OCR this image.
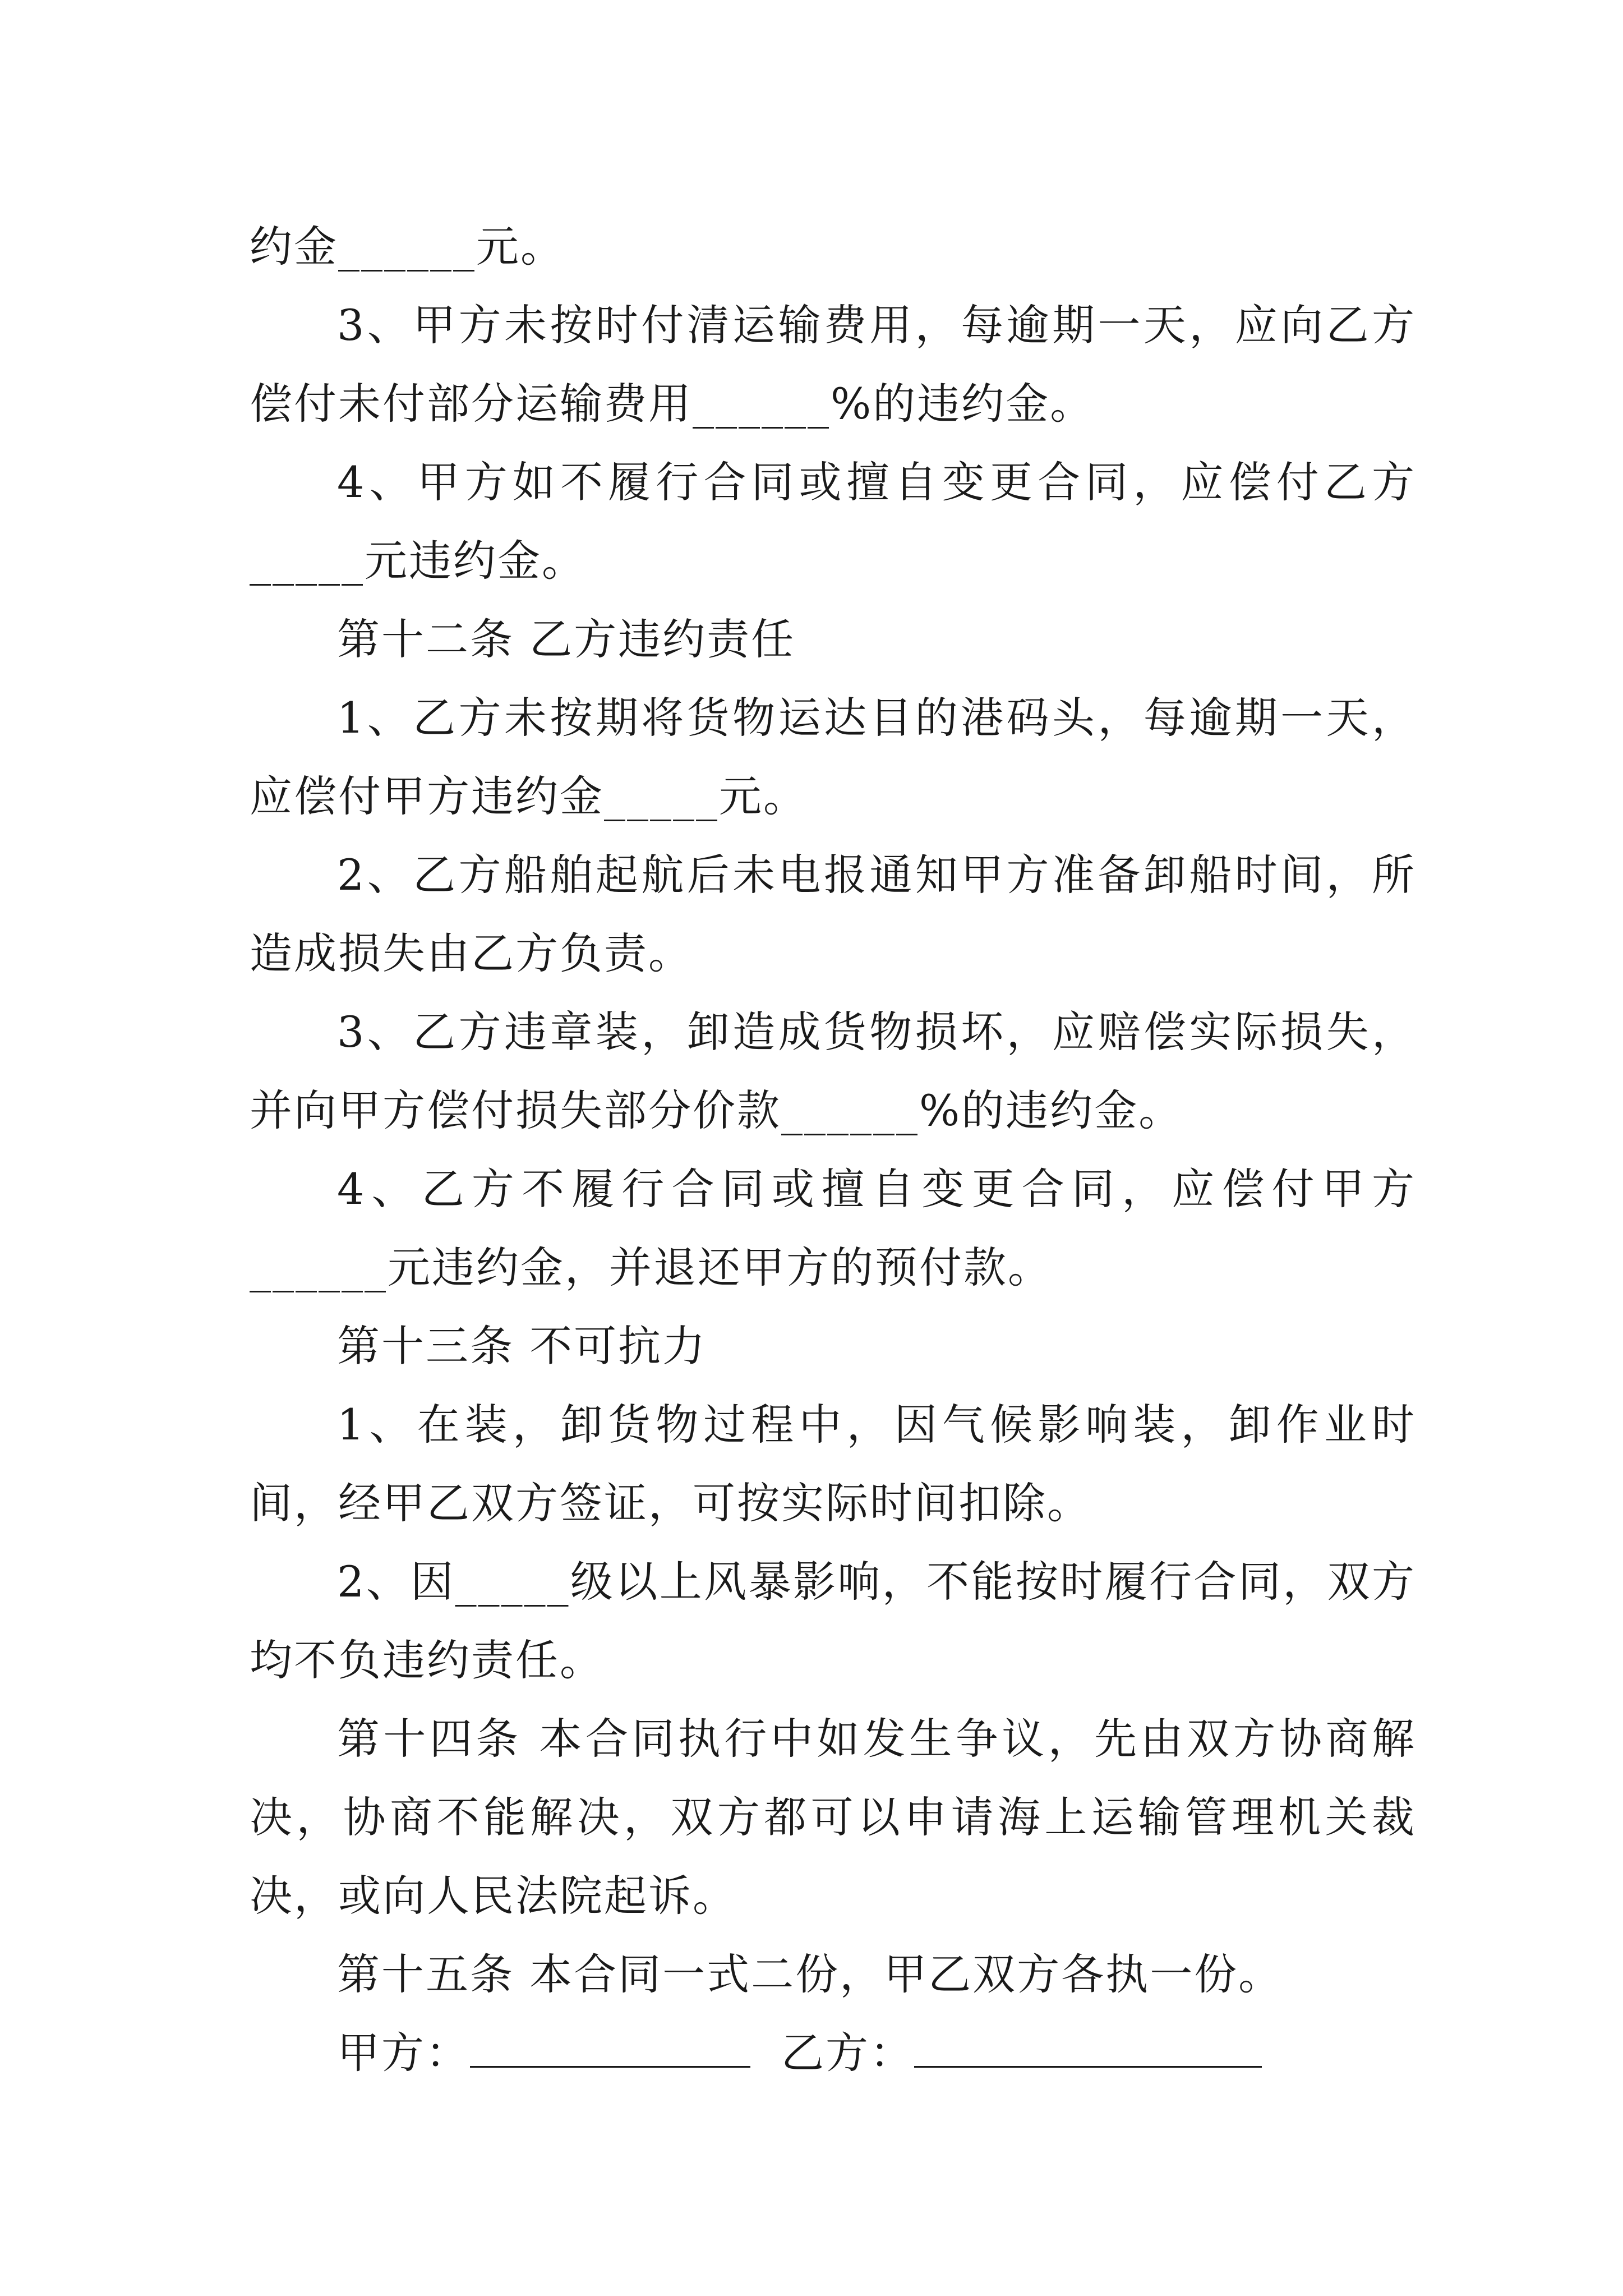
约金______元。

3、甲方未按时付清运输费用，每逾期一天，应向乙方偿付未付部分运输费用______%的违约金。

4、甲方如不履行合同或擅自变更合同，应偿付乙方_____元违约金。

第十二条 乙方违约责任

1、乙方未按期将货物运达目的港码头，每逾期一天，应偿付甲方违约金_____元。

2、乙方船舶起航后未电报通知甲方准备卸船时间，所造成损失由乙方负责。

3、乙方违章装，卸造成货物损坏，应赔偿实际损失，并向甲方偿付损失部分价款______%的违约金。

4、乙方不履行合同或擅自变更合同，应偿付甲方______元违约金，并退还甲方的预付款。

第十三条 不可抗力

1、在装，卸货物过程中，因气候影响装，卸作业时间，经甲乙双方签证，可按实际时间扣除。

2、因_____级以上风暴影响，不能按时履行合同，双方均不负违约责任。

第十四条 本合同执行中如发生争议，先由双方协商解决，协商不能解决，双方都可以申请海上运输管理机关裁决，或向人民法院起诉。

第十五条 本合同一式二份，甲乙双方各执一份。

甲方：	乙方：
